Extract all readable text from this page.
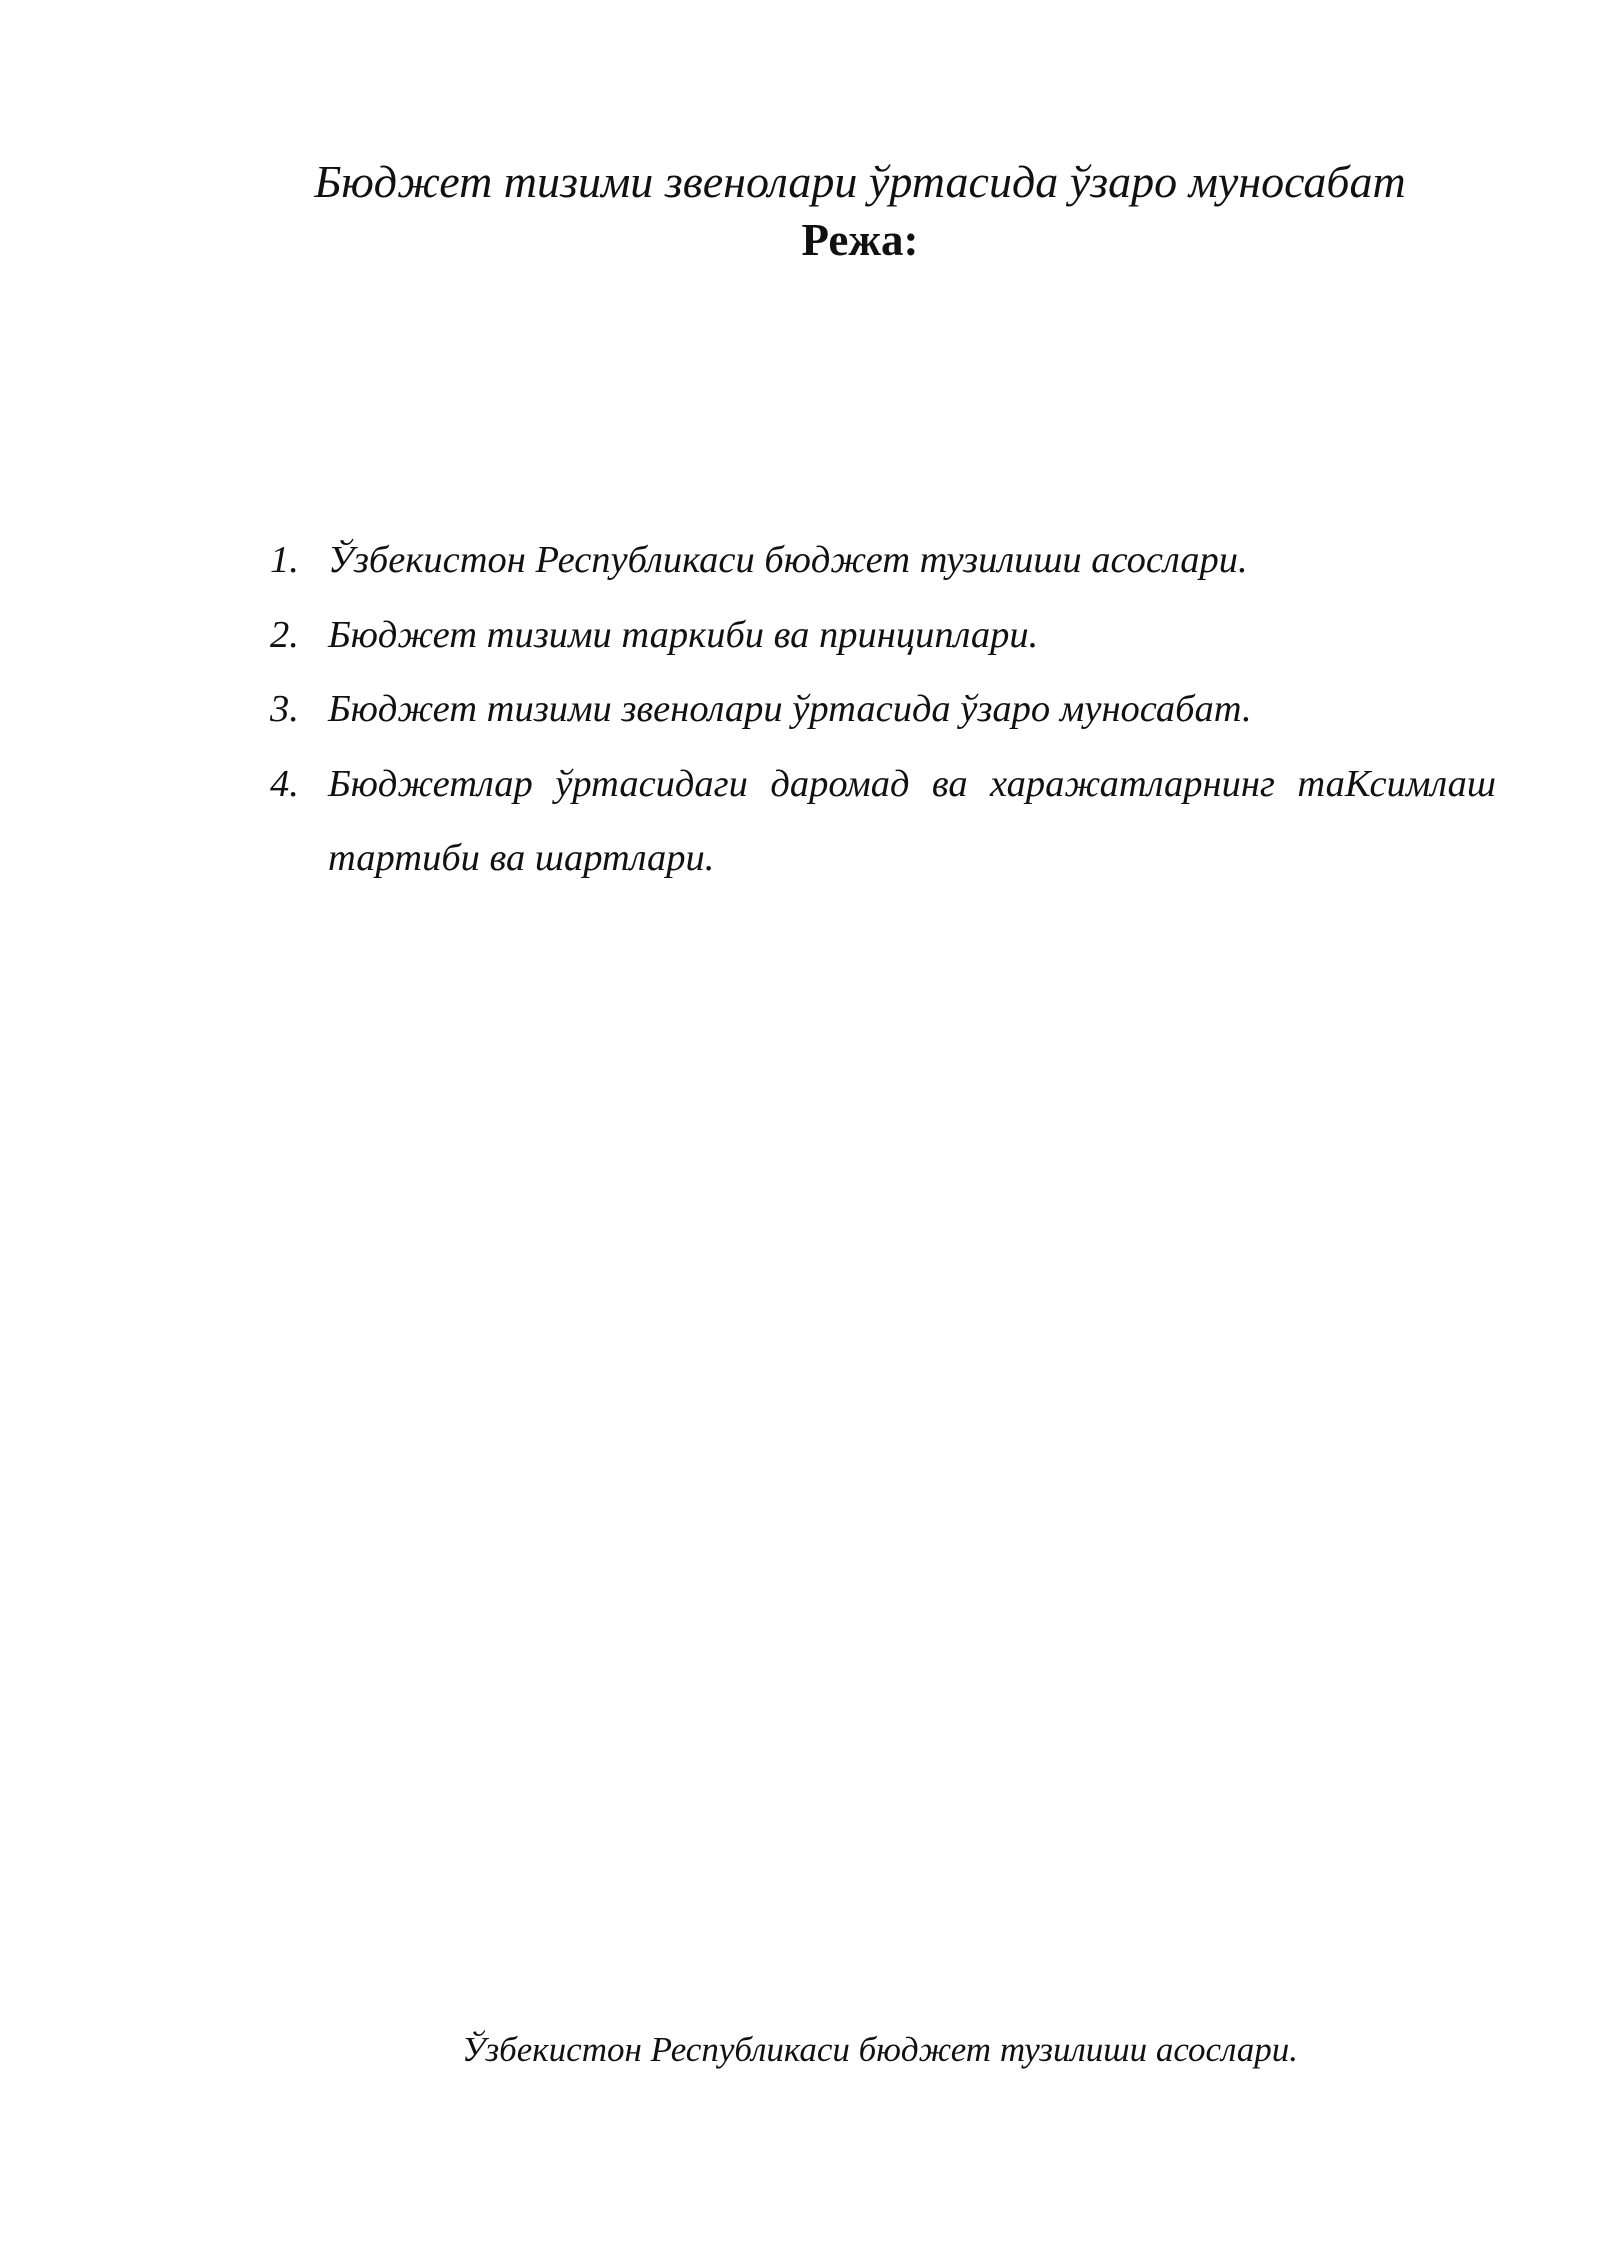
Бюджет тизими звенолари ўртасида ўзаро муносабат
Режа:
1. Ўзбекистон Республикаси бюджет тузилиши асослари.
2. Бюджет тизими таркиби ва принциплари.
3. Бюджет тизими звенолари ўртасида ўзаро муносабат.
4. Бюджетлар ўртасидаги даромад ва харажатларнинг таКсимлаш тартиби ва шартлари.
Ўзбекистон Республикаси бюджет тузилиши асослари.
